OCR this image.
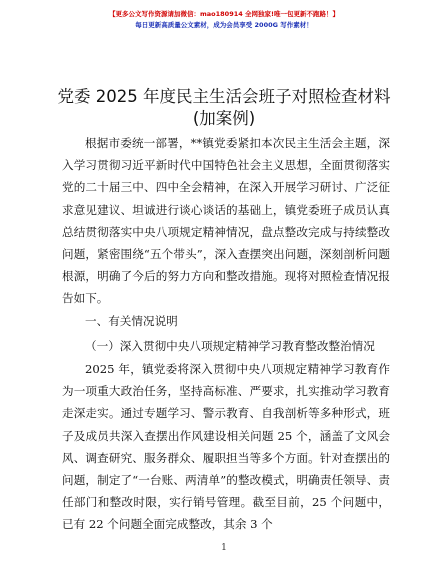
【更多公文写作资源请加微信：mao180914 全网独家!唯一包更新不跑路！】
每日更新高质量公文素材，成为会员享受 2000G 写作素材！
党委 2025 年度民主生活会班子对照检查材料
(加案例)
根据市委统一部署，**镇党委紧扣本次民主生活会主题，深入学习贯彻习近平新时代中国特色社会主义思想，全面贯彻落实党的二十届三中、四中全会精神，在深入开展学习研讨、广泛征求意见建议、坦诚进行谈心谈话的基础上，镇党委班子成员认真总结贯彻落实中央八项规定精神情况，盘点整改完成与持续整改问题，紧密围绕“五个带头”，深入查摆突出问题，深刻剖析问题根源，明确了今后的努力方向和整改措施。现将对照检查情况报告如下。
一、有关情况说明
（一）深入贯彻中央八项规定精神学习教育整改整治情况
2025 年，镇党委将深入贯彻中央八项规定精神学习教育作为一项重大政治任务，坚持高标准、严要求，扎实推动学习教育走深走实。通过专题学习、警示教育、自我剖析等多种形式，班子及成员共深入查摆出作风建设相关问题 25 个，涵盖了文风会风、调查研究、服务群众、履职担当等多个方面。针对查摆出的问题，制定了“一台账、两清单”的整改模式，明确责任领导、责任部门和整改时限，实行销号管理。截至目前，25 个问题中，已有 22 个问题全面完成整改，其余 3 个
1
